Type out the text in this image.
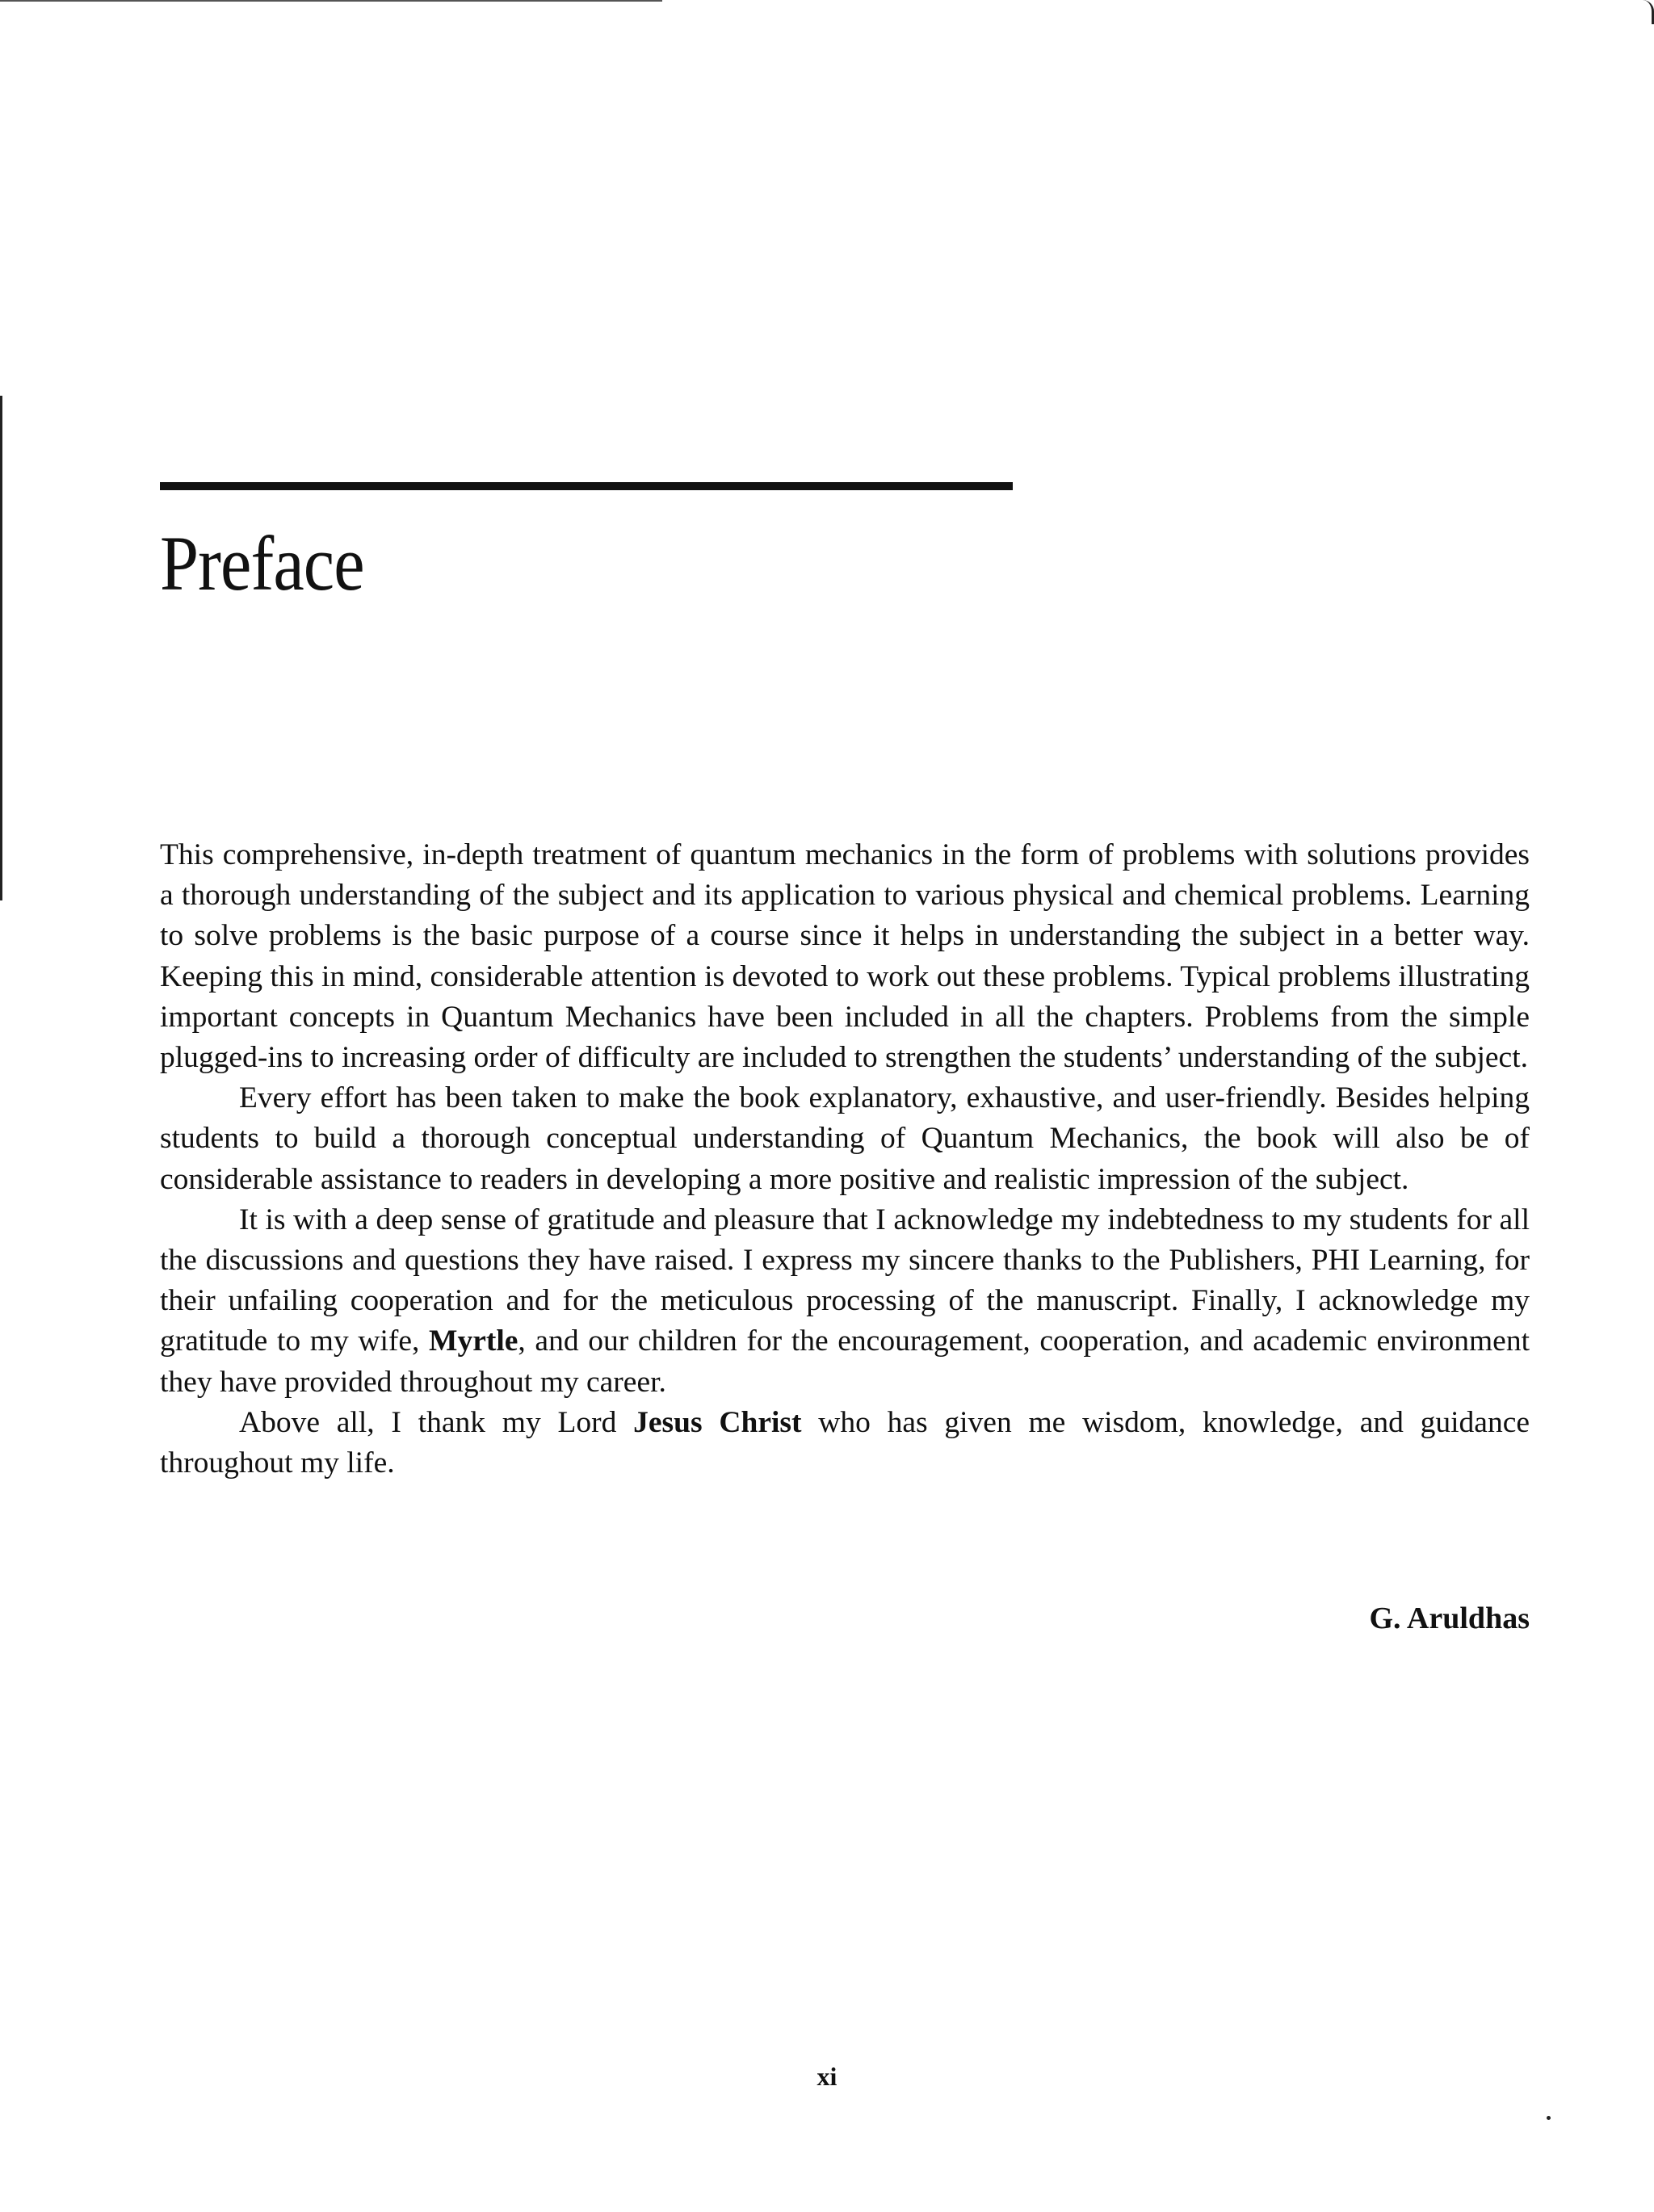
Preface

This comprehensive, in-depth treatment of quantum mechanics in the form of problems with solutions provides a thorough understanding of the subject and its application to various physical and chemical problems. Learning to solve problems is the basic purpose of a course since it helps in understanding the subject in a better way. Keeping this in mind, considerable attention is devoted to work out these problems. Typical problems illustrating important concepts in Quantum Mechanics have been included in all the chapters. Problems from the simple plugged-ins to increasing order of difficulty are included to strengthen the students’ understanding of the subject.

Every effort has been taken to make the book explanatory, exhaustive, and user-friendly. Besides helping students to build a thorough conceptual understanding of Quantum Mechanics, the book will also be of considerable assistance to readers in developing a more positive and realistic impression of the subject.

It is with a deep sense of gratitude and pleasure that I acknowledge my indebtedness to my students for all the discussions and questions they have raised. I express my sincere thanks to the Publishers, PHI Learning, for their unfailing cooperation and for the meticulous processing of the manuscript. Finally, I acknowledge my gratitude to my wife, Myrtle, and our children for the encouragement, cooperation, and academic environment they have provided throughout my career.

Above all, I thank my Lord Jesus Christ who has given me wisdom, knowledge, and guidance throughout my life.

G. Aruldhas
xi
